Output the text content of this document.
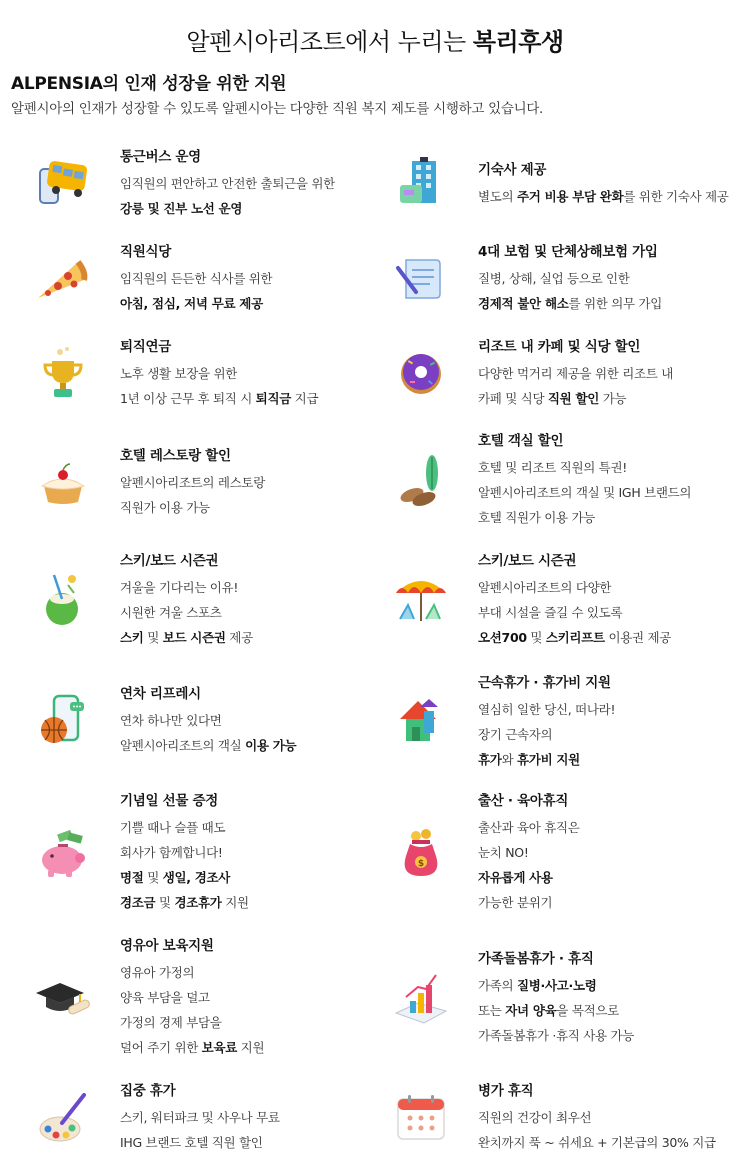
알펜시아리조트에서 누리는 복리후생
ALPENSIA의 인재 성장을 위한 지원
알펜시아의 인재가 성장할 수 있도록 알펜시아는 다양한 직원 복지 제도를 시행하고 있습니다.
통근버스 운영
임직원의 편안하고 안전한 출퇴근을 위한
강릉 및 진부 노선 운영
직원식당
임직원의 든든한 식사를 위한
아침, 점심, 저녁 무료 제공
퇴직연금
노후 생활 보장을 위한
1년 이상 근무 후 퇴직 시 퇴직금 지급
호텔 레스토랑 할인
알펜시아리조트의 레스토랑
직원가 이용 가능
스키/보드 시즌권
겨울을 기다리는 이유!
시원한 겨울 스포츠
스키 및 보드 시즌권 제공
연차 리프레시
연차 하나만 있다면
알펜시아리조트의 객실 이용 가능
기념일 선물 증정
기쁠 때나 슬플 때도
회사가 함께합니다!
명절 및 생일, 경조사
경조금 및 경조휴가 지원
영유아 보육지원
영유아 가정의
양육 부담을 덜고
가정의 경제 부담을
덜어 주기 위한 보육료 지원
집중 휴가
스키, 워터파크 및 사우나 무료
IHG 브랜드 호텔 직원 할인
기숙사 제공
별도의 주거 비용 부담 완화를 위한 기숙사 제공
4대 보험 및 단체상해보험 가입
질병, 상해, 실업 등으로 인한
경제적 불안 해소를 위한 의무 가입
리조트 내 카페 및 식당 할인
다양한 먹거리 제공을 위한 리조트 내
카페 및 식당 직원 할인 가능
호텔 객실 할인
호텔 및 리조트 직원의 특권!
알펜시아리조트의 객실 및 IGH 브랜드의
호텔 직원가 이용 가능
스키/보드 시즌권
알펜시아리조트의 다양한
부대 시설을 즐길 수 있도록
오션700 및 스키리프트 이용권 제공
근속휴가 · 휴가비 지원
열심히 일한 당신, 떠나라!
장기 근속자의
휴가와 휴가비 지원
$
출산 · 육아휴직
출산과 육아 휴직은
눈치 NO!
자유롭게 사용
가능한 분위기
가족돌봄휴가 · 휴직
가족의 질병·사고·노령
또는 자녀 양육을 목적으로
가족돌봄휴가 ·휴직 사용 가능
병가 휴직
직원의 건강이 최우선
완치까지 푹 ~ 쉬세요 + 기본급의 30% 지급
